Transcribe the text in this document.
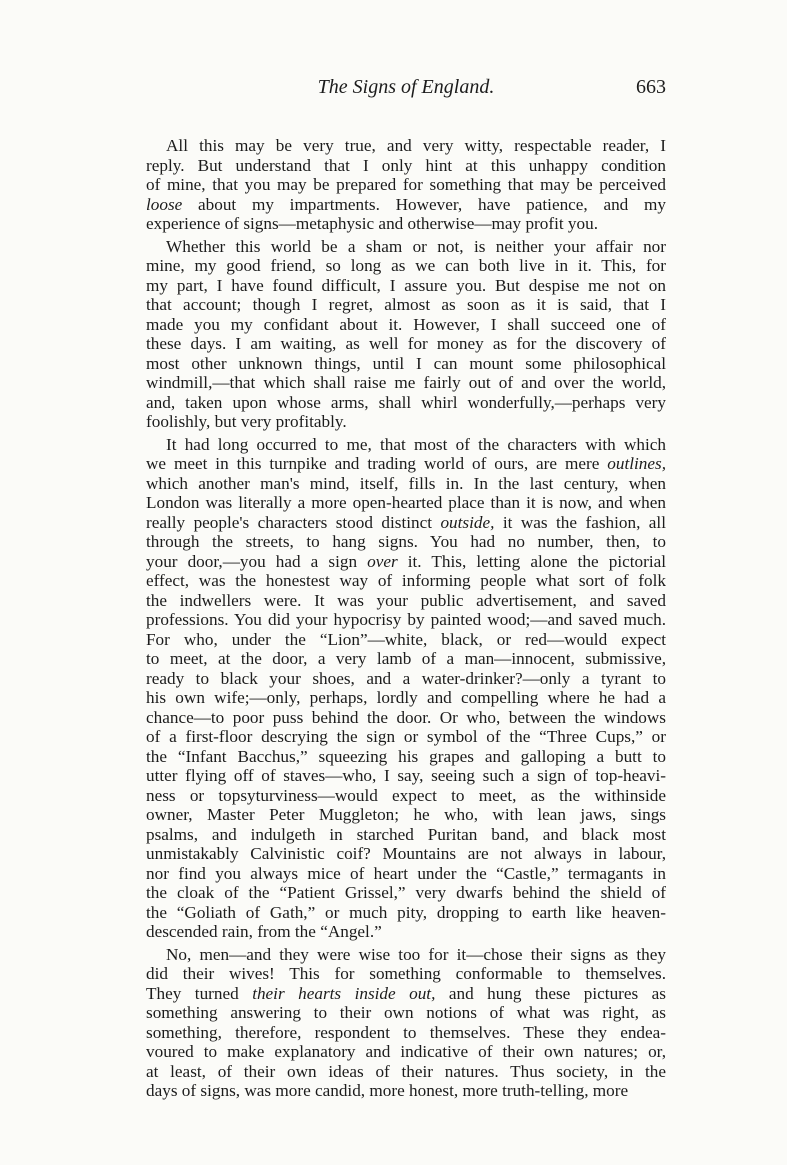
The Signs of England.	663
All this may be very true, and very witty, respectable reader, I
reply. But understand that I only hint at this unhappy condition
of mine, that you may be prepared for something that may be perceived
loose about my impartments. However, have patience, and my
experience of signs—metaphysic and otherwise—may profit you.
Whether this world be a sham or not, is neither your affair nor
mine, my good friend, so long as we can both live in it. This, for
my part, I have found difficult, I assure you. But despise me not on
that account; though I regret, almost as soon as it is said, that I
made you my confidant about it. However, I shall succeed one of
these days. I am waiting, as well for money as for the discovery of
most other unknown things, until I can mount some philosophical
windmill,—that which shall raise me fairly out of and over the world,
and, taken upon whose arms, shall whirl wonderfully,—perhaps very
foolishly, but very profitably.
It had long occurred to me, that most of the characters with which
we meet in this turnpike and trading world of ours, are mere outlines,
which another man's mind, itself, fills in. In the last century, when
London was literally a more open-hearted place than it is now, and when
really people's characters stood distinct outside, it was the fashion, all
through the streets, to hang signs. You had no number, then, to
your door,—you had a sign over it. This, letting alone the pictorial
effect, was the honestest way of informing people what sort of folk
the indwellers were. It was your public advertisement, and saved
professions. You did your hypocrisy by painted wood;—and saved much.
For who, under the “Lion”—white, black, or red—would expect
to meet, at the door, a very lamb of a man—innocent, submissive,
ready to black your shoes, and a water-drinker?—only a tyrant to
his own wife;—only, perhaps, lordly and compelling where he had a
chance—to poor puss behind the door. Or who, between the windows
of a first-floor descrying the sign or symbol of the “Three Cups,” or
the “Infant Bacchus,” squeezing his grapes and galloping a butt to
utter flying off of staves—who, I say, seeing such a sign of top-heavi-
ness or topsyturviness—would expect to meet, as the withinside
owner, Master Peter Muggleton; he who, with lean jaws, sings
psalms, and indulgeth in starched Puritan band, and black most
unmistakably Calvinistic coif? Mountains are not always in labour,
nor find you always mice of heart under the “Castle,” termagants in
the cloak of the “Patient Grissel,” very dwarfs behind the shield of
the “Goliath of Gath,” or much pity, dropping to earth like heaven-
descended rain, from the “Angel.”
No, men—and they were wise too for it—chose their signs as they
did their wives! This for something conformable to themselves.
They turned their hearts inside out, and hung these pictures as
something answering to their own notions of what was right, as
something, therefore, respondent to themselves. These they endea-
voured to make explanatory and indicative of their own natures; or,
at least, of their own ideas of their natures. Thus society, in the
days of signs, was more candid, more honest, more truth-telling, more
